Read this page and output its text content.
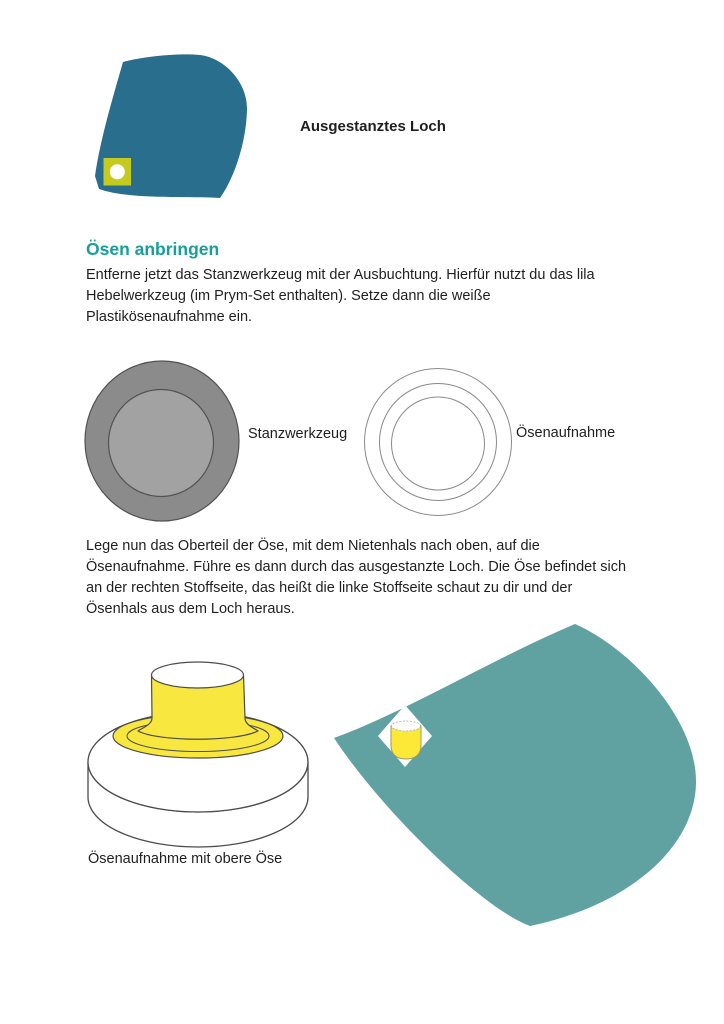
Ausgestanztes Loch
Ösen anbringen
Entferne jetzt das Stanzwerkzeug mit der Ausbuchtung. Hierfür nutzt du das lila
Hebelwerkzeug (im Prym-Set enthalten). Setze dann die weiße
Plastikösenaufnahme ein.
Stanzwerkzeug	Ösenaufnahme
Lege nun das Oberteil der Öse, mit dem Nietenhals nach oben, auf die
Ösenaufnahme. Führe es dann durch das ausgestanzte Loch. Die Öse befindet sich
an der rechten Stoffseite, das heißt die linke Stoffseite schaut zu dir und der
Ösenhals aus dem Loch heraus.
Ösenaufnahme mit obere Öse
